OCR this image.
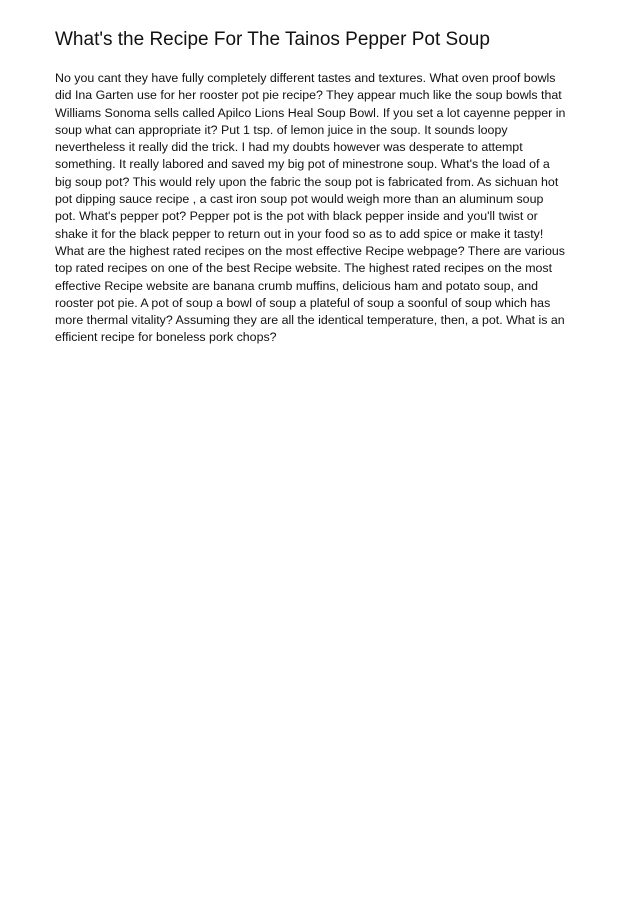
What's the Recipe For The Tainos Pepper Pot Soup
No you cant they have fully completely different tastes and textures. What oven proof bowls
did Ina Garten use for her rooster pot pie recipe? They appear much like the soup bowls that
Williams Sonoma sells called Apilco Lions Heal Soup Bowl. If you set a lot cayenne pepper in
soup what can appropriate it? Put 1 tsp. of lemon juice in the soup. It sounds loopy
nevertheless it really did the trick. I had my doubts however was desperate to attempt
something. It really labored and saved my big pot of minestrone soup. What's the load of a
big soup pot? This would rely upon the fabric the soup pot is fabricated from. As sichuan hot
pot dipping sauce recipe , a cast iron soup pot would weigh more than an aluminum soup
pot. What's pepper pot? Pepper pot is the pot with black pepper inside and you'll twist or
shake it for the black pepper to return out in your food so as to add spice or make it tasty!
What are the highest rated recipes on the most effective Recipe webpage? There are various
top rated recipes on one of the best Recipe website. The highest rated recipes on the most
effective Recipe website are banana crumb muffins, delicious ham and potato soup, and
rooster pot pie. A pot of soup a bowl of soup a plateful of soup a soonful of soup which has
more thermal vitality? Assuming they are all the identical temperature, then, a pot. What is an
efficient recipe for boneless pork chops?
